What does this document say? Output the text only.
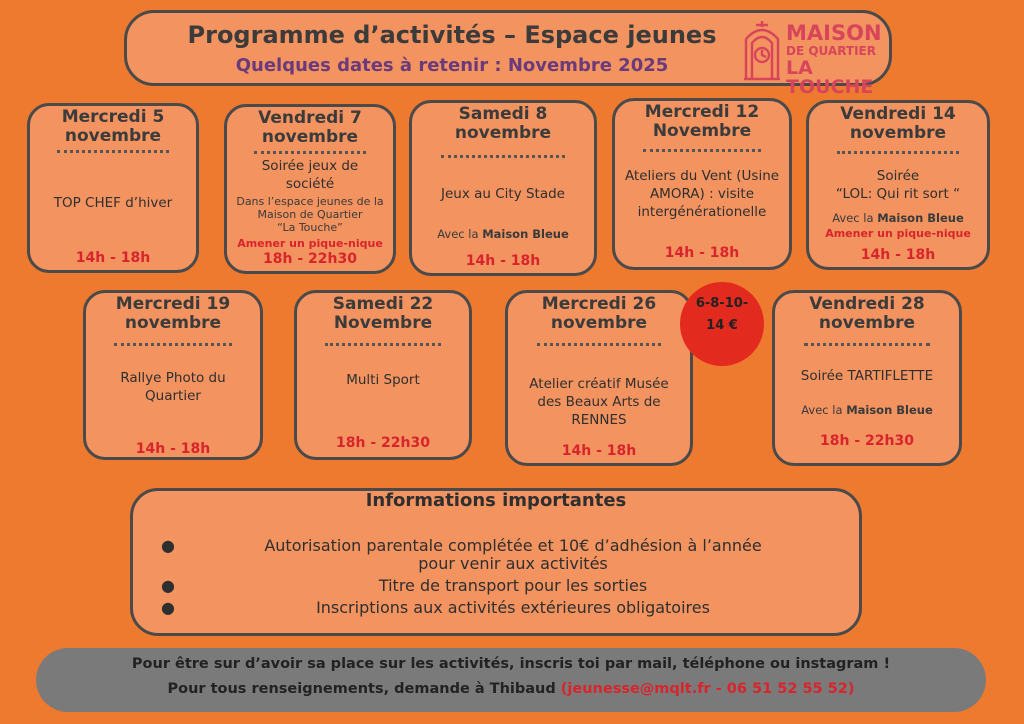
Programme d’activités – Espace jeunes
Quelques dates à retenir : Novembre 2025
MAISON
DE QUARTIER
LA TOUCHE
Mercredi 5
novembre
TOP CHEF d’hiver
14h - 18h
Vendredi 7
novembre
Soirée jeux de
société
Dans l’espace jeunes de la
Maison de Quartier
“La Touche”
Amener un pique-nique
18h - 22h30
Samedi 8
novembre
Jeux au City Stade
Avec la Maison Bleue
14h - 18h
Mercredi 12
Novembre
Ateliers du Vent (Usine
AMORA) : visite
intergénérationelle
14h - 18h
Vendredi 14
novembre
Soirée
“LOL: Qui rit sort “
Avec la Maison Bleue
Amener un pique-nique
14h - 18h
Mercredi 19
novembre
Rallye Photo du
Quartier
14h - 18h
Samedi 22
Novembre
Multi Sport
18h - 22h30
Mercredi 26
novembre
Atelier créatif Musée
des Beaux Arts de
RENNES
14h - 18h
Vendredi 28
novembre
Soirée TARTIFLETTE
Avec la Maison Bleue
18h - 22h30
6-8-10-
14 €
Informations importantes
●	Autorisation parentale complétée et 10€ d’adhésion à l’année
pour venir aux activités
●	Titre de transport pour les sorties
●	Inscriptions aux activités extérieures obligatoires
Pour être sur d’avoir sa place sur les activités, inscris toi par mail, téléphone ou instagram !
Pour tous renseignements, demande à Thibaud (jeunesse@mqlt.fr - 06 51 52 55 52)
